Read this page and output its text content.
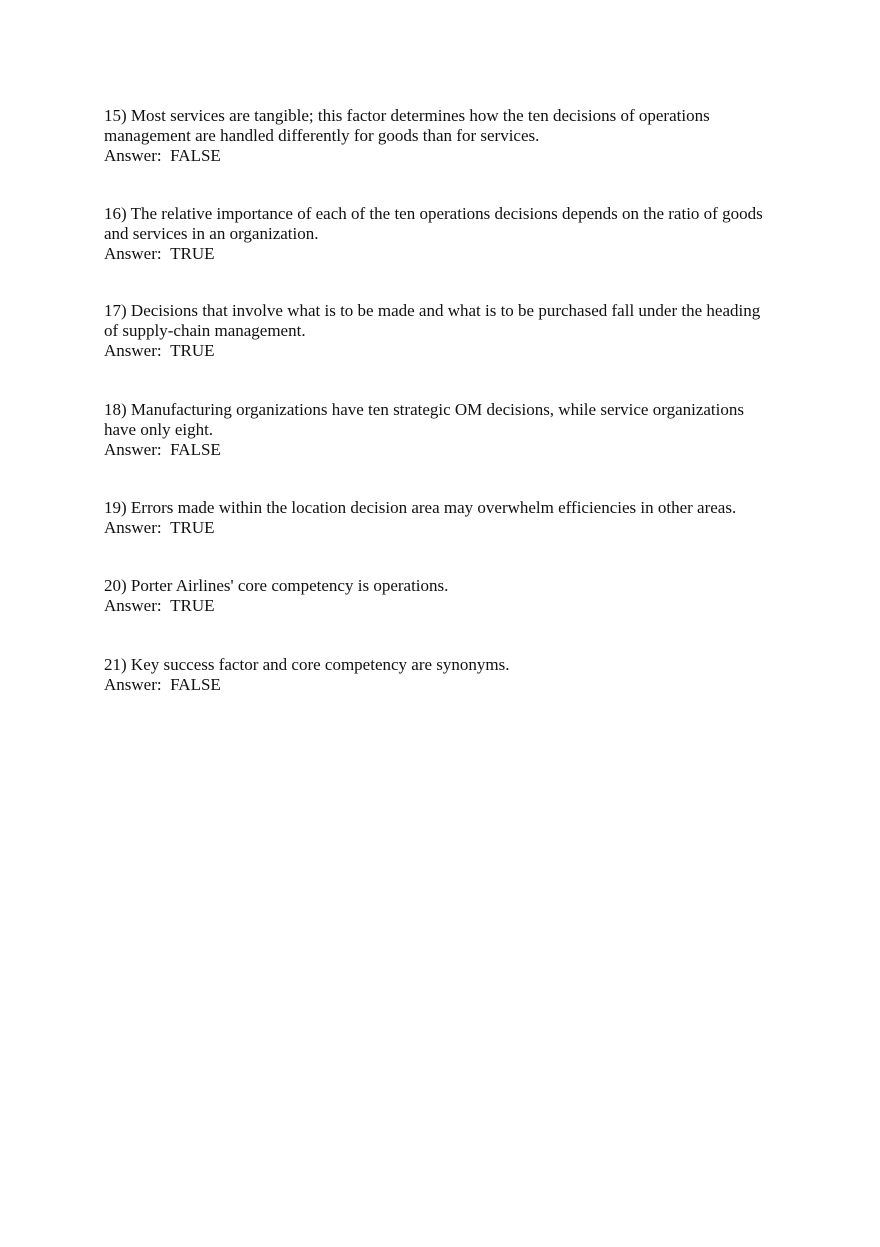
15) Most services are tangible; this factor determines how the ten decisions of operations
management are handled differently for goods than for services.
Answer: FALSE
16) The relative importance of each of the ten operations decisions depends on the ratio of goods
and services in an organization.
Answer: TRUE
17) Decisions that involve what is to be made and what is to be purchased fall under the heading
of supply-chain management.
Answer: TRUE
18) Manufacturing organizations have ten strategic OM decisions, while service organizations
have only eight.
Answer: FALSE
19) Errors made within the location decision area may overwhelm efficiencies in other areas.
Answer: TRUE
20) Porter Airlines' core competency is operations.
Answer: TRUE
21) Key success factor and core competency are synonyms.
Answer: FALSE
